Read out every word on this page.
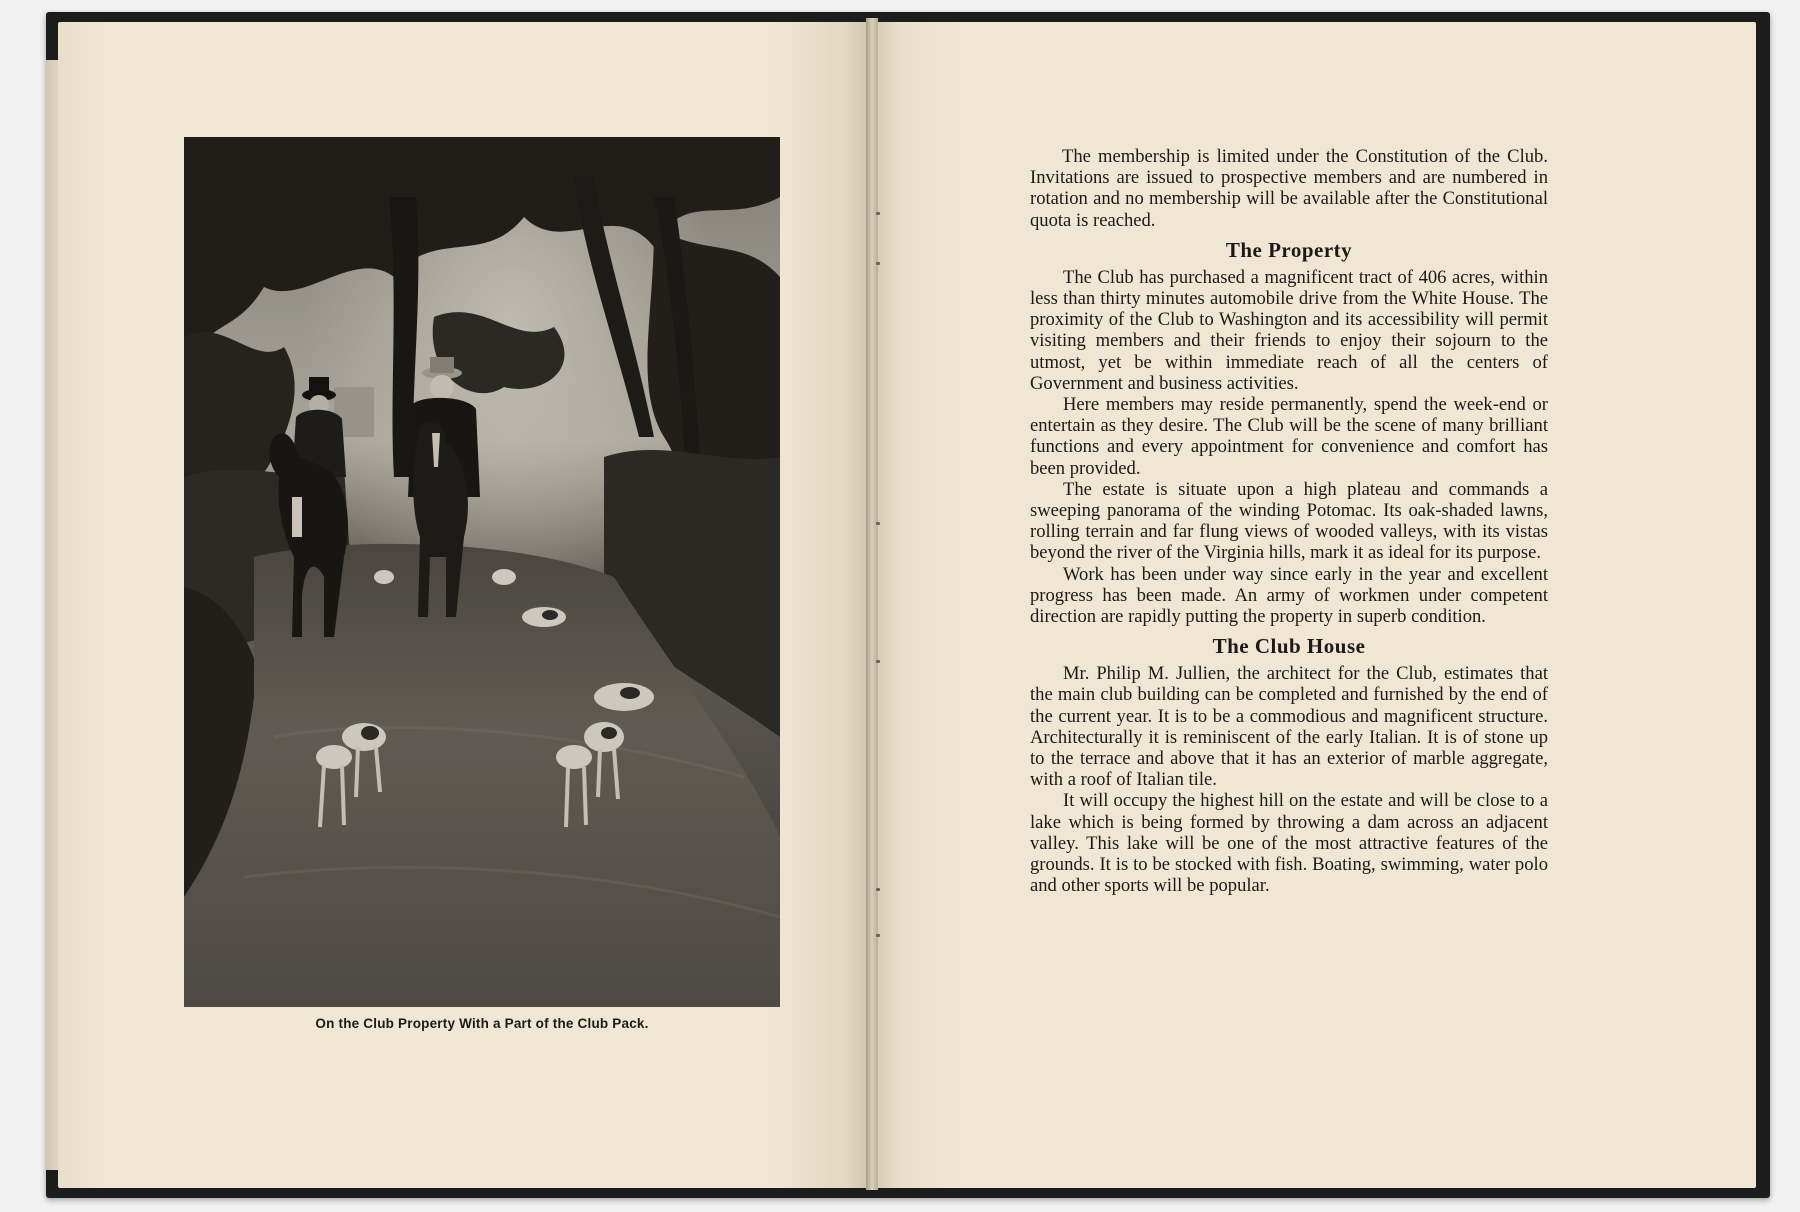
On the Club Property With a Part of the Club Pack.

The membership is limited under the Constitution of the Club. Invitations are issued to prospective members and are numbered in rotation and no membership will be available after the Constitutional quota is reached.

The Property

The Club has purchased a magnificent tract of 406 acres, within less than thirty minutes automobile drive from the White House. The proximity of the Club to Washington and its accessibility will permit visiting members and their friends to enjoy their sojourn to the utmost, yet be within immediate reach of all the centers of Government and business activities.

Here members may reside permanently, spend the week-end or entertain as they desire. The Club will be the scene of many brilliant functions and every appointment for convenience and comfort has been provided.

The estate is situate upon a high plateau and commands a sweeping panorama of the winding Potomac. Its oak-shaded lawns, rolling terrain and far flung views of wooded valleys, with its vistas beyond the river of the Virginia hills, mark it as ideal for its purpose.

Work has been under way since early in the year and excellent progress has been made. An army of workmen under competent direction are rapidly putting the property in superb condition.

The Club House

Mr. Philip M. Jullien, the architect for the Club, estimates that the main club building can be completed and furnished by the end of the current year. It is to be a commodious and magnificent structure. Architecturally it is reminiscent of the early Italian. It is of stone up to the terrace and above that it has an exterior of marble aggregate, with a roof of Italian tile.

It will occupy the highest hill on the estate and will be close to a lake which is being formed by throwing a dam across an adjacent valley. This lake will be one of the most attractive features of the grounds. It is to be stocked with fish. Boating, swimming, water polo and other sports will be popular.
